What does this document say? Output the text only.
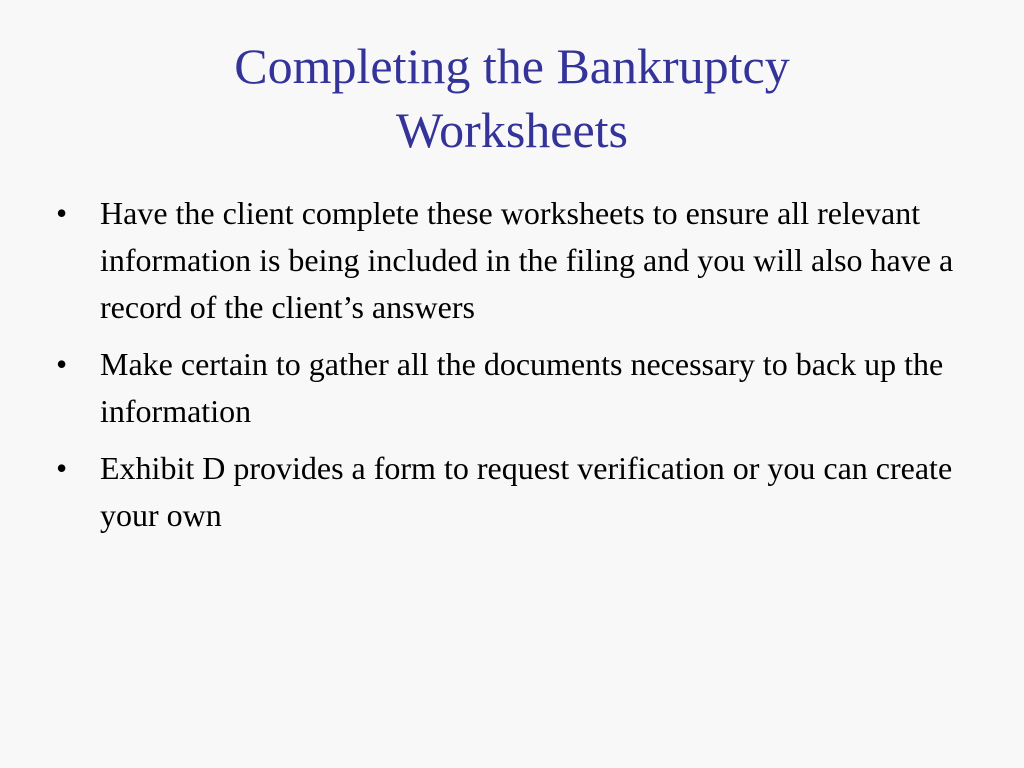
Completing the Bankruptcy
Worksheets
• Have the client complete these worksheets to ensure all relevant information is being included in the filing and you will also have a record of the client’s answers
• Make certain to gather all the documents necessary to back up the information
• Exhibit D provides a form to request verification or you can create your own
